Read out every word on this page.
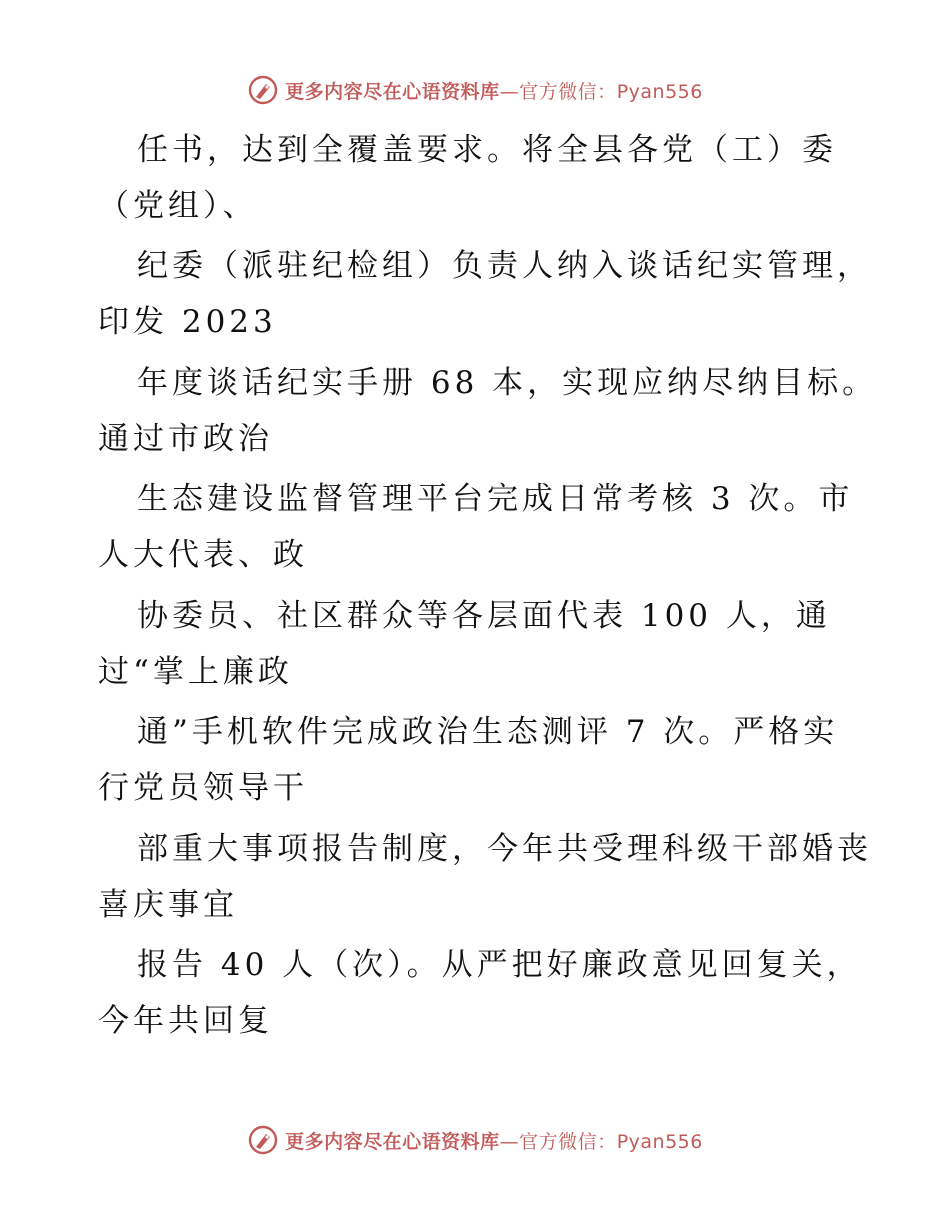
更多内容尽在心语资料库—官方微信：Pyan556
任书，达到全覆盖要求。将全县各党（工）委
（党组）、
纪委（派驻纪检组）负责人纳入谈话纪实管理，
印发 2023
年度谈话纪实手册 68 本，实现应纳尽纳目标。
通过市政治
生态建设监督管理平台完成日常考核 3 次。市
人大代表、政
协委员、社区群众等各层面代表 100 人，通
过“掌上廉政
通”手机软件完成政治生态测评 7 次。严格实
行党员领导干
部重大事项报告制度，今年共受理科级干部婚丧
喜庆事宜
报告 40 人（次）。从严把好廉政意见回复关，
今年共回复
更多内容尽在心语资料库—官方微信：Pyan556
